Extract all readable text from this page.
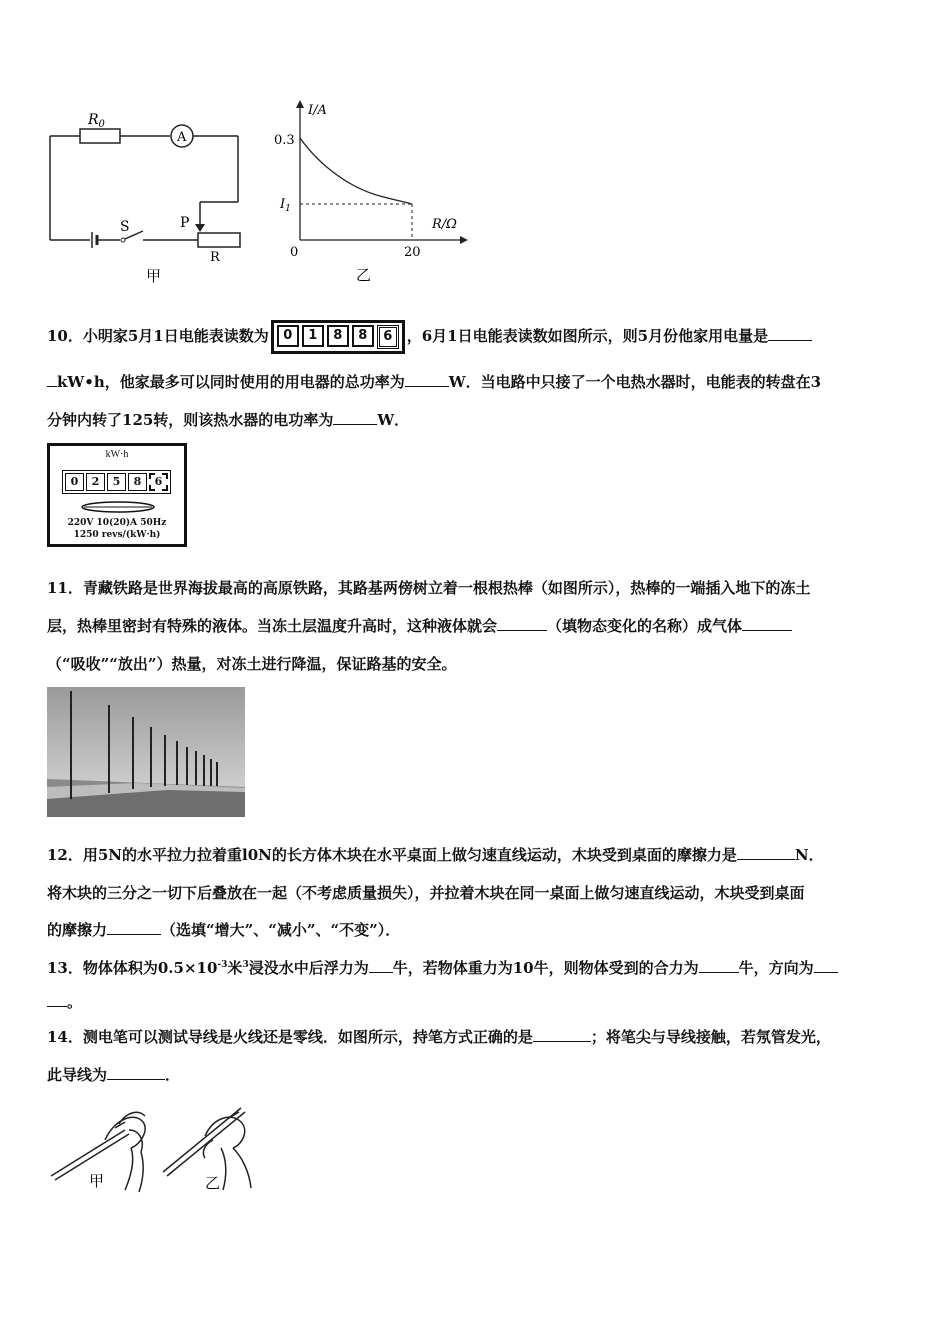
A
$R_0$
S	P
R
甲
I/A
R/Ω
0.3
$I_1$
0	20
乙
10．小明家5月1日电能表读数为	0	1	8	8	6 ，6月1日电能表读数如图所示，则5月份他家用电量是
kW•h，他家最多可以同时使用的用电器的总功率为	W．当电路中只接了一个电热水器时，电能表的转盘在3
分钟内转了125转，则该热水器的电功率为	W．
kW·h
0	2	5	8	6
220V 10(20)A 50Hz
1250 revs/(kW·h)
11．青藏铁路是世界海拔最高的高原铁路，其路基两傍树立着一根根热棒（如图所示），热棒的一端插入地下的冻土
层，热棒里密封有特殊的液体。当冻土层温度升高时，这种液体就会	（填物态变化的名称）成气体
（“吸收”“放出”）热量，对冻土进行降温，保证路基的安全。
12．用5N的水平拉力拉着重l0N的长方体木块在水平桌面上做匀速直线运动，木块受到桌面的摩擦力是	N．
将木块的三分之一切下后叠放在一起（不考虑质量损失），并拉着木块在同一桌面上做匀速直线运动，木块受到桌面
的摩擦力	（选填“增大”、“减小”、“不变”）．
13．物体体积为$0.5\times 10^{-3}$米$^3$浸没水中后浮力为 牛，若物体重力为10牛，则物体受到的合力为	牛，方向为
。
14．测电笔可以测试导线是火线还是零线．如图所示，持笔方式正确的是	；将笔尖与导线接触，若氖管发光，
此导线为	．
甲	乙
